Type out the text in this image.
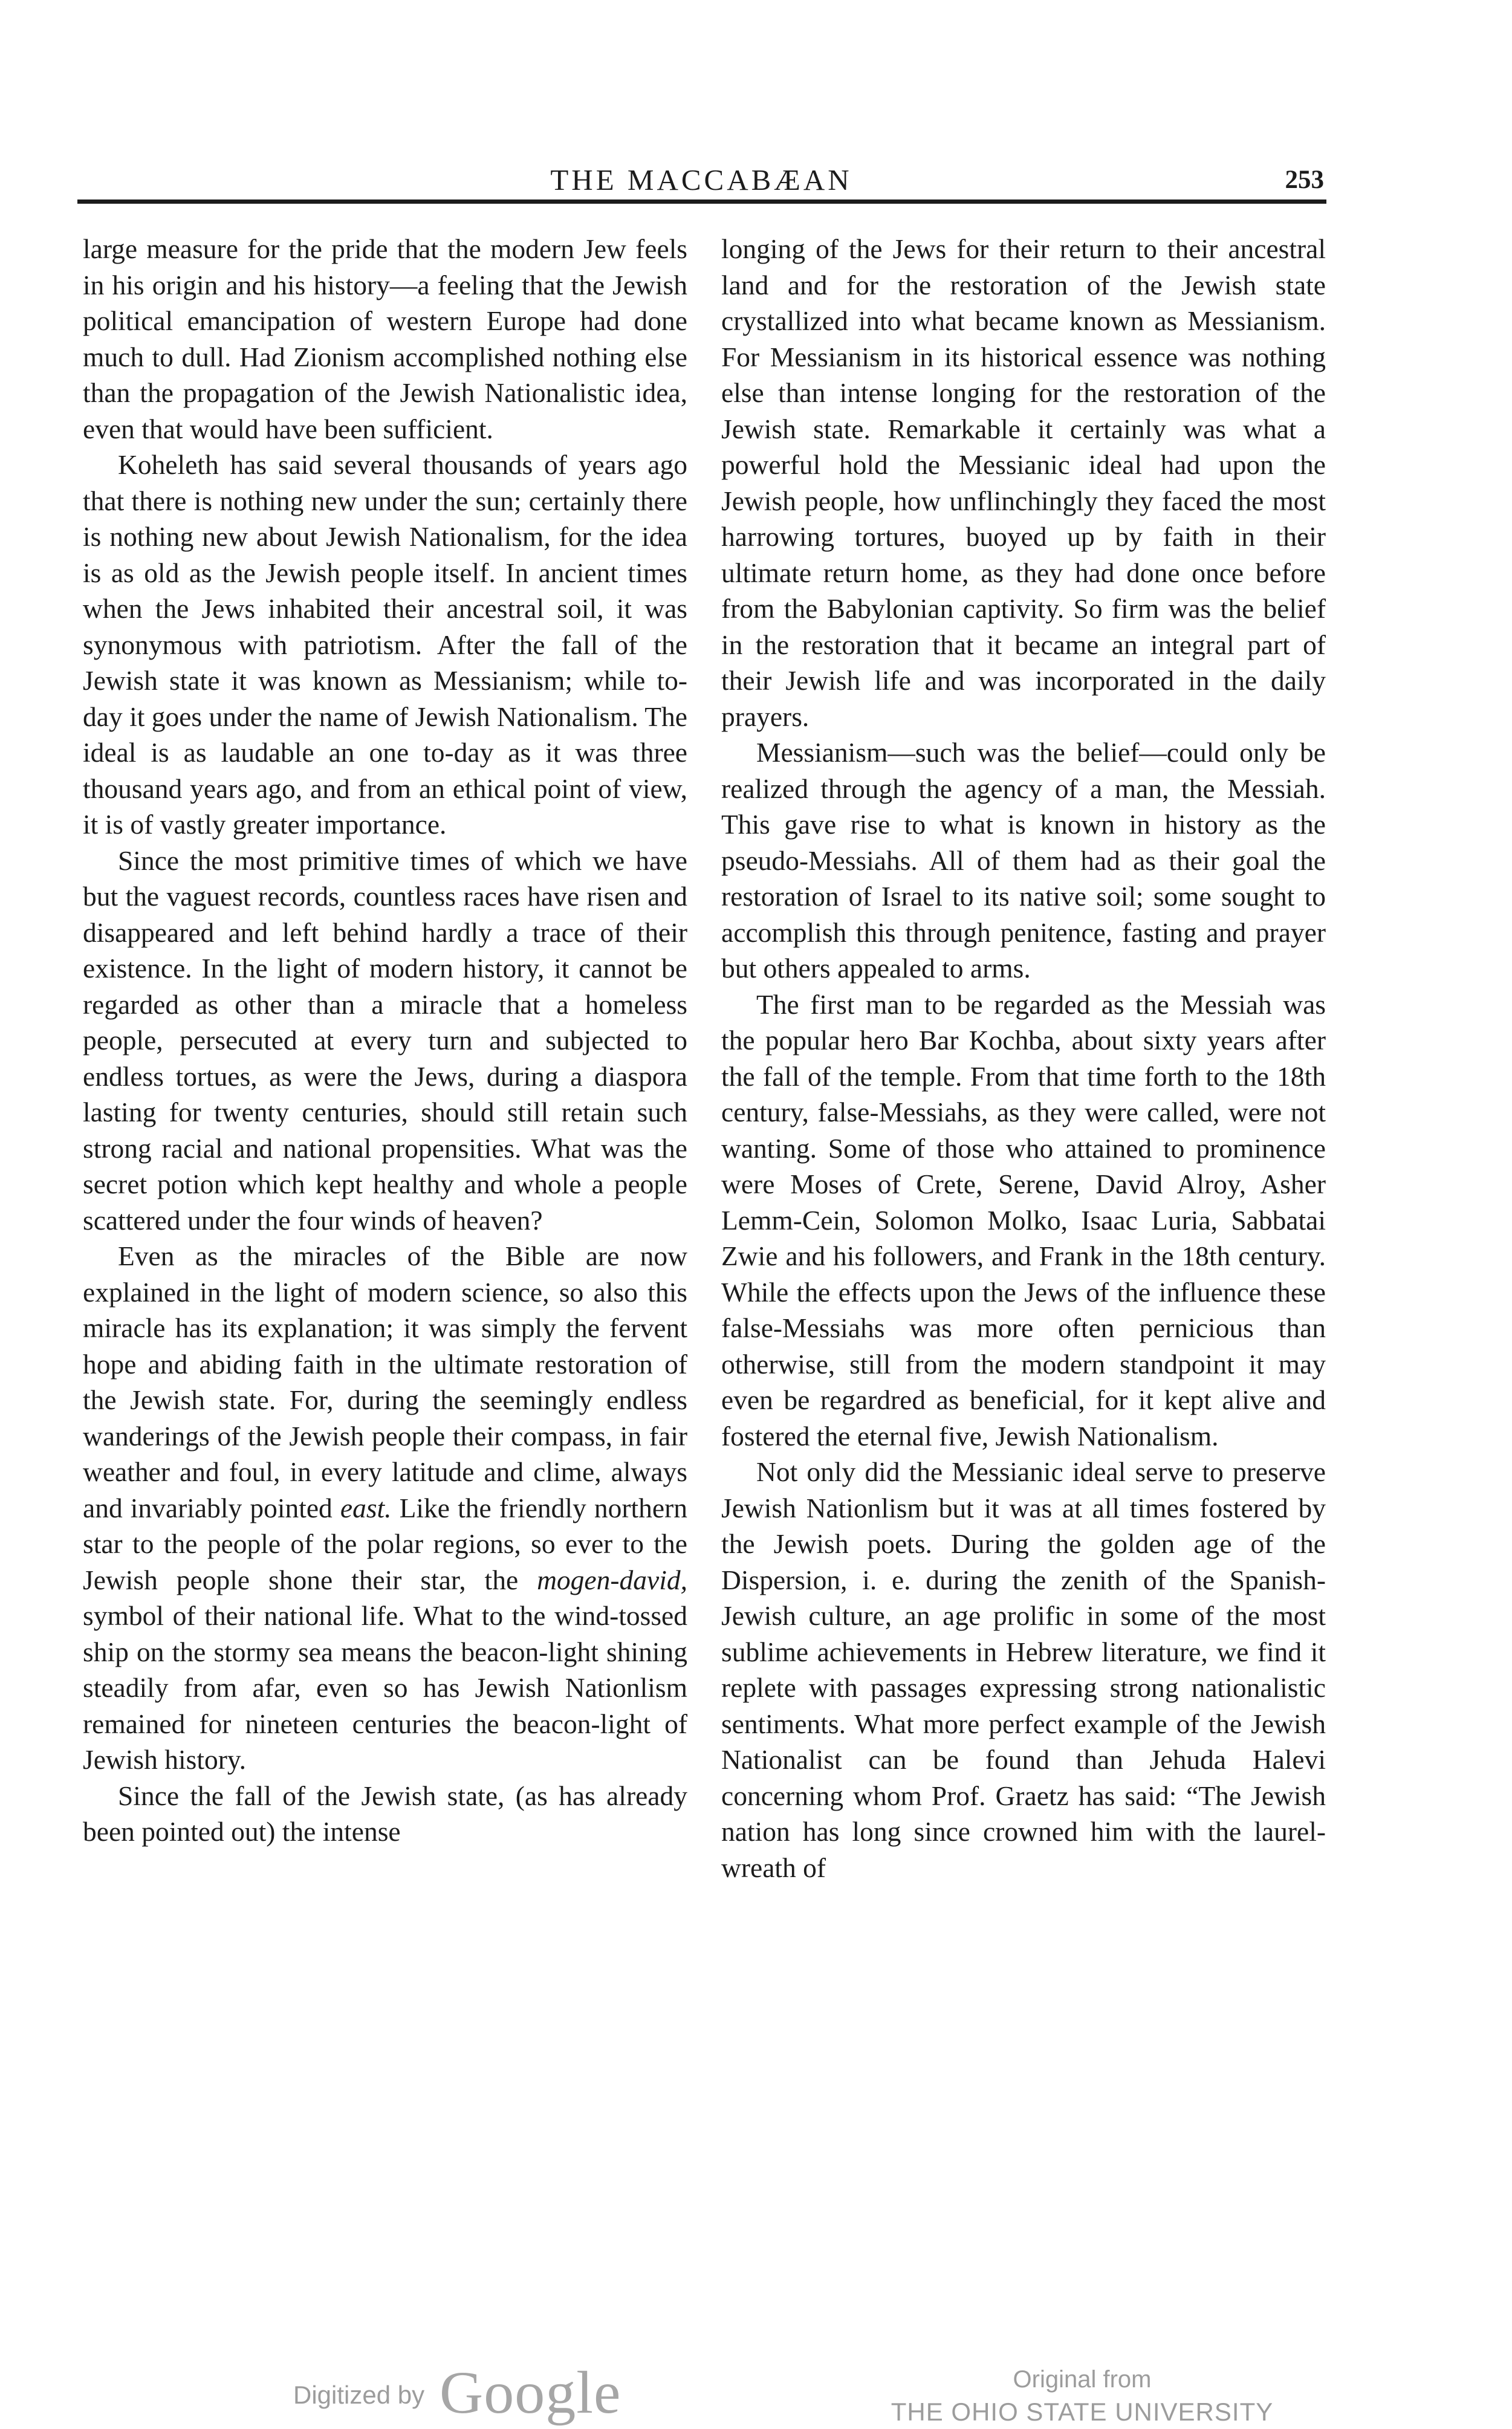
THE MACCABÆAN	253

large measure for the pride that the modern Jew feels in his origin and his history—a feeling that the Jewish political emancipation of western Europe had done much to dull. Had Zionism accomplished nothing else than the propagation of the Jewish Nationalistic idea, even that would have been sufficient.

Koheleth has said several thousands of years ago that there is nothing new under the sun; certainly there is nothing new about Jewish Nationalism, for the idea is as old as the Jewish people itself. In ancient times when the Jews inhabited their ancestral soil, it was synonymous with patriotism. After the fall of the Jewish state it was known as Messianism; while to-day it goes under the name of Jewish Nationalism. The ideal is as laudable an one to-day as it was three thousand years ago, and from an ethical point of view, it is of vastly greater importance.

Since the most primitive times of which we have but the vaguest records, countless races have risen and disappeared and left behind hardly a trace of their existence. In the light of modern history, it cannot be regarded as other than a miracle that a homeless people, persecuted at every turn and subjected to endless tortues, as were the Jews, during a diaspora lasting for twenty centuries, should still retain such strong racial and national propensities. What was the secret potion which kept healthy and whole a people scattered under the four winds of heaven?

Even as the miracles of the Bible are now explained in the light of modern science, so also this miracle has its explanation; it was simply the fervent hope and abiding faith in the ultimate restoration of the Jewish state. For, during the seemingly endless wanderings of the Jewish people their compass, in fair weather and foul, in every latitude and clime, always and invariably pointed east. Like the friendly northern star to the people of the polar regions, so ever to the Jewish people shone their star, the mogen-david, symbol of their national life. What to the wind-tossed ship on the stormy sea means the beacon-light shining steadily from afar, even so has Jewish Nationlism remained for nineteen centuries the beacon-light of Jewish history.

Since the fall of the Jewish state, (as has already been pointed out) the intense

longing of the Jews for their return to their ancestral land and for the restoration of the Jewish state crystallized into what became known as Messianism. For Messianism in its historical essence was nothing else than intense longing for the restoration of the Jewish state. Remarkable it certainly was what a powerful hold the Messianic ideal had upon the Jewish people, how unflinchingly they faced the most harrowing tortures, buoyed up by faith in their ultimate return home, as they had done once before from the Babylonian captivity. So firm was the belief in the restoration that it became an integral part of their Jewish life and was incorporated in the daily prayers.

Messianism—such was the belief—could only be realized through the agency of a man, the Messiah. This gave rise to what is known in history as the pseudo-Messiahs. All of them had as their goal the restoration of Israel to its native soil; some sought to accomplish this through penitence, fasting and prayer but others appealed to arms.

The first man to be regarded as the Messiah was the popular hero Bar Kochba, about sixty years after the fall of the temple. From that time forth to the 18th century, false-Messiahs, as they were called, were not wanting. Some of those who attained to prominence were Moses of Crete, Serene, David Alroy, Asher Lemm-Cein, Solomon Molko, Isaac Luria, Sabbatai Zwie and his followers, and Frank in the 18th century. While the effects upon the Jews of the influence these false-Messiahs was more often pernicious than otherwise, still from the modern standpoint it may even be regardred as beneficial, for it kept alive and fostered the eternal five, Jewish Nationalism.

Not only did the Messianic ideal serve to preserve Jewish Nationlism but it was at all times fostered by the Jewish poets. During the golden age of the Dispersion, i. e. during the zenith of the Spanish-Jewish culture, an age prolific in some of the most sublime achievements in Hebrew literature, we find it replete with passages expressing strong nationalistic sentiments. What more perfect example of the Jewish Nationalist can be found than Jehuda Halevi concerning whom Prof. Graetz has said: “The Jewish nation has long since crowned him with the laurel-wreath of

Digitized by Google	Original from
THE OHIO STATE UNIVERSITY
